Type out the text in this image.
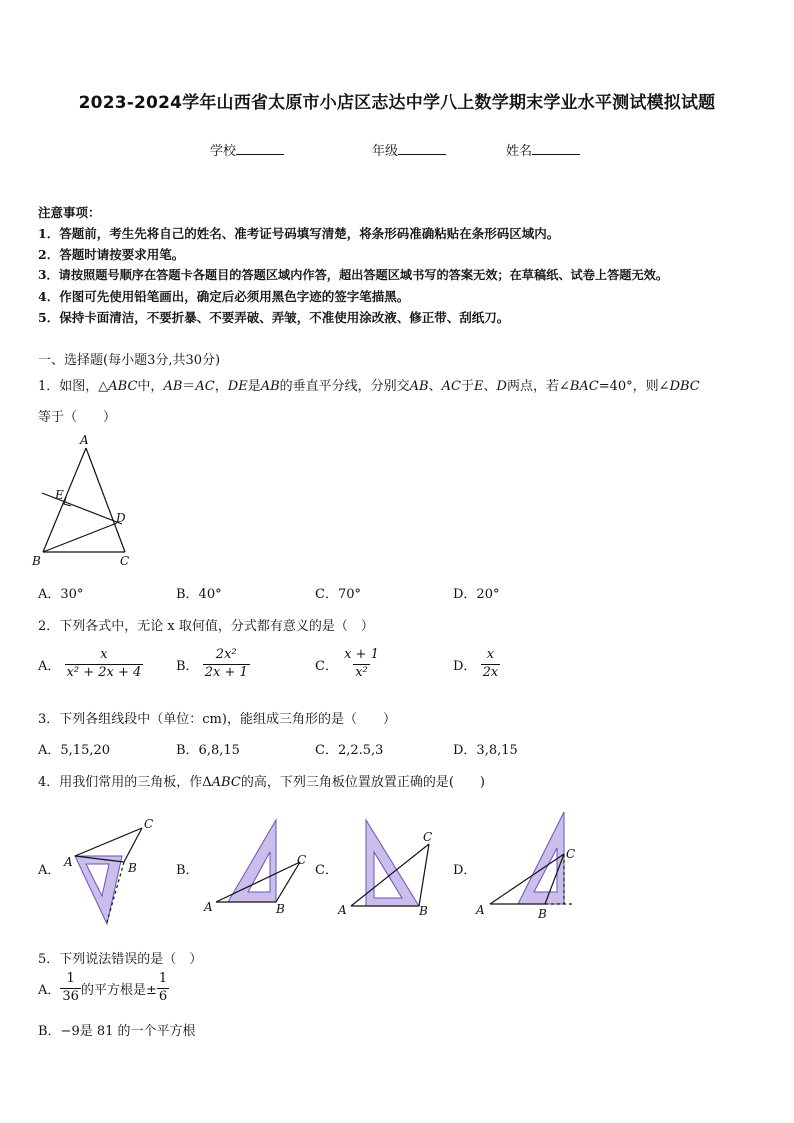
2023-2024学年山西省太原市小店区志达中学八上数学期末学业水平测试模拟试题
学校	年级	姓名
注意事项：
1．答题前，考生先将自己的姓名、准考证号码填写清楚，将条形码准确粘贴在条形码区域内。
2．答题时请按要求用笔。
3．请按照题号顺序在答题卡各题目的答题区域内作答，超出答题区域书写的答案无效；在草稿纸、试卷上答题无效。
4．作图可先使用铅笔画出，确定后必须用黑色字迹的签字笔描黑。
5．保持卡面清洁，不要折暴、不要弄破、弄皱，不准使用涂改液、修正带、刮纸刀。
一、选择题(每小题3分,共30分)
1．如图，△ABC中，AB＝AC，DE是AB的垂直平分线，分别交AB、AC于E、D两点，若∠BAC=40°，则∠DBC
等于（　　）
A
B	C
D
E
A．30°	B．40°	C．70°	D．20°
2．下列各式中，无论 x 取何值，分式都有意义的是（　）
A． $\frac{x}{\text{x² + 2x + 4}}$	B． $\frac{\text{2x²}}{2x + 1}$	C． $\frac{x + 1}{\text{x²}}$	D． $\frac{x}{2x}$
3．下列各组线段中（单位：cm)，能组成三角形的是（　　）
A．5,15,20	B．6,8,15	C．2,2.5,3	D．3,8,15
4．用我们常用的三角板，作ΔABC的高，下列三角板位置放置正确的是(　　)
A．
A	B
C
B．
A	B
C
C．
A	B
C
D．
A	B
C
5．下列说法错误的是（　）
A． $\frac{1}{36}$ 的平方根是± $\frac{1}{6}$
B．−9是 81 的一个平方根
